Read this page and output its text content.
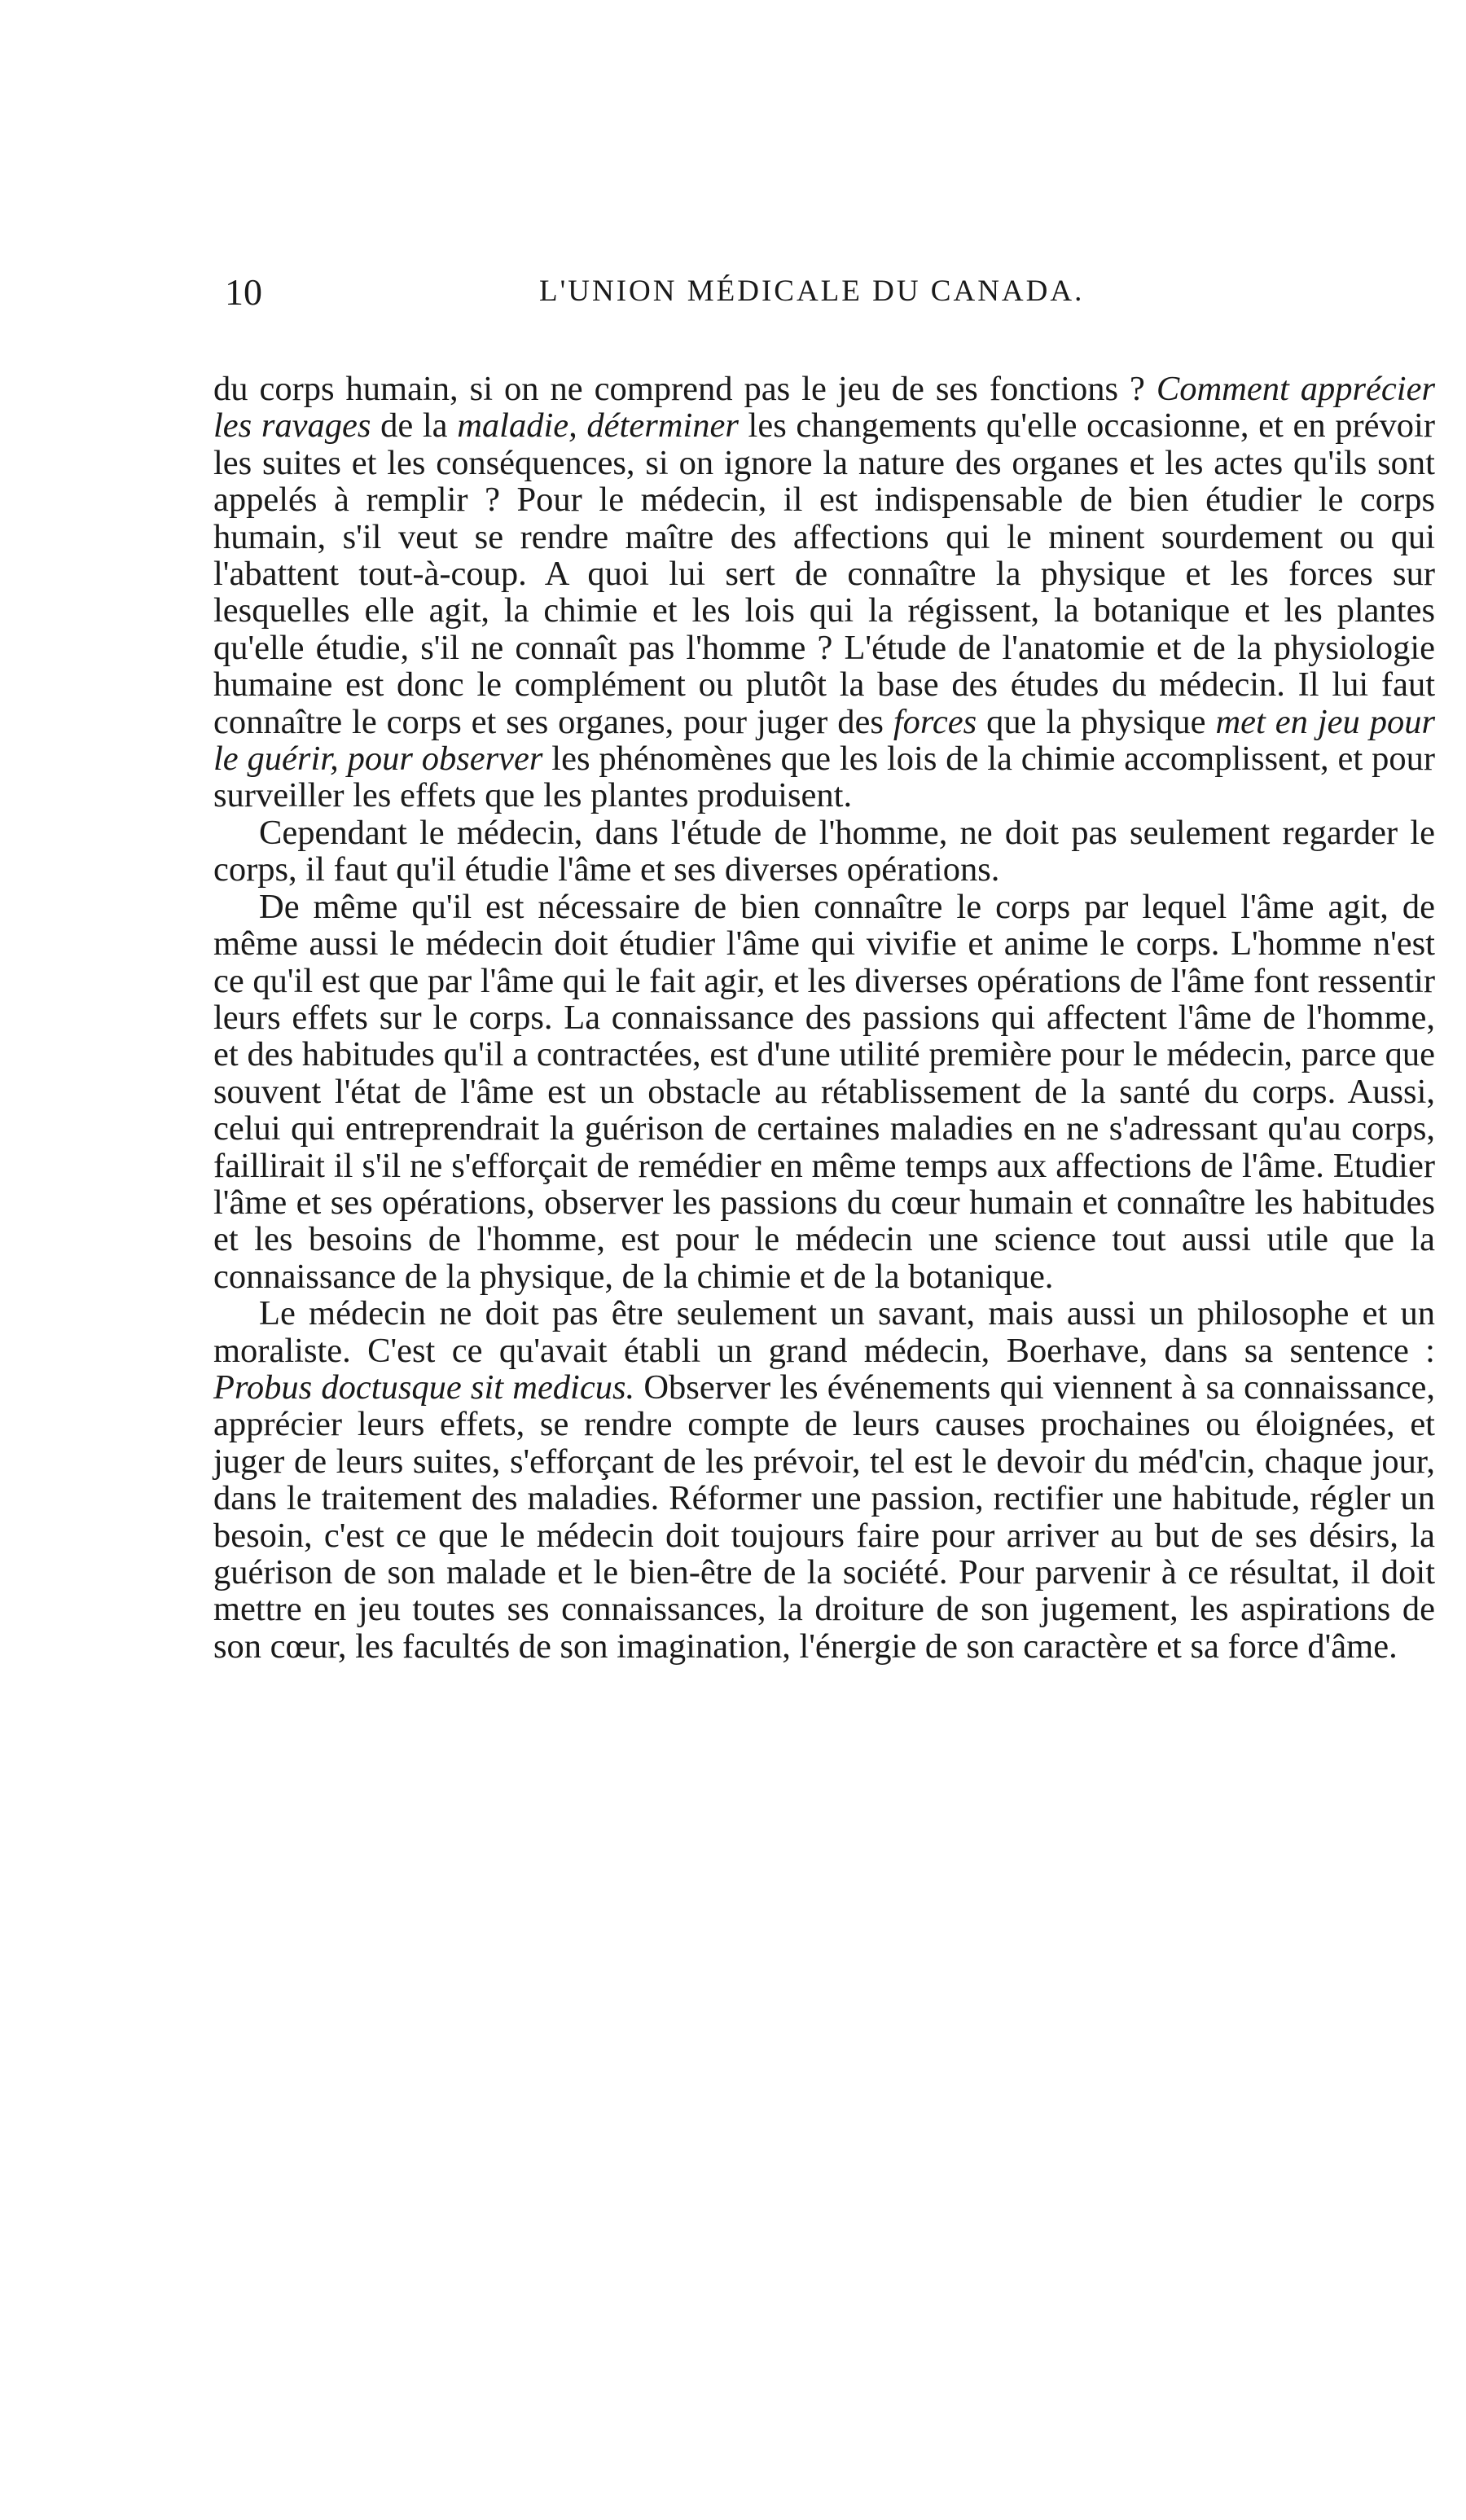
10	L'UNION MÉDICALE DU CANADA.

du corps humain, si on ne comprend pas le jeu de ses fonctions ? Comment apprécier les ravages de la maladie, déterminer les changements qu'elle occasionne, et en prévoir les suites et les conséquences, si on ignore la nature des organes et les actes qu'ils sont appelés à remplir ? Pour le médecin, il est indispensable de bien étudier le corps humain, s'il veut se rendre maître des affections qui le minent sourdement ou qui l'abattent tout-à-coup. A quoi lui sert de connaître la physique et les forces sur lesquelles elle agit, la chimie et les lois qui la régissent, la botanique et les plantes qu'elle étudie, s'il ne connaît pas l'homme ? L'étude de l'anatomie et de la physiologie humaine est donc le complément ou plutôt la base des études du médecin. Il lui faut connaître le corps et ses organes, pour juger des forces que la physique met en jeu pour le guérir, pour observer les phénomènes que les lois de la chimie accomplissent, et pour surveiller les effets que les plantes produisent.

Cependant le médecin, dans l'étude de l'homme, ne doit pas seulement regarder le corps, il faut qu'il étudie l'âme et ses diverses opérations.

De même qu'il est nécessaire de bien connaître le corps par lequel l'âme agit, de même aussi le médecin doit étudier l'âme qui vivifie et anime le corps. L'homme n'est ce qu'il est que par l'âme qui le fait agir, et les diverses opérations de l'âme font ressentir leurs effets sur le corps. La connaissance des passions qui affectent l'âme de l'homme, et des habitudes qu'il a contractées, est d'une utilité première pour le médecin, parce que souvent l'état de l'âme est un obstacle au rétablissement de la santé du corps. Aussi, celui qui entreprendrait la guérison de certaines maladies en ne s'adressant qu'au corps, faillirait il s'il ne s'efforçait de remédier en même temps aux affections de l'âme. Etudier l'âme et ses opérations, observer les passions du cœur humain et connaître les habitudes et les besoins de l'homme, est pour le médecin une science tout aussi utile que la connaissance de la physique, de la chimie et de la botanique.

Le médecin ne doit pas être seulement un savant, mais aussi un philosophe et un moraliste. C'est ce qu'avait établi un grand médecin, Boerhave, dans sa sentence : Probus doctusque sit medicus. Observer les événements qui viennent à sa connaissance, apprécier leurs effets, se rendre compte de leurs causes prochaines ou éloignées, et juger de leurs suites, s'efforçant de les prévoir, tel est le devoir du méd'cin, chaque jour, dans le traitement des maladies. Réformer une passion, rectifier une habitude, régler un besoin, c'est ce que le médecin doit toujours faire pour arriver au but de ses désirs, la guérison de son malade et le bien-être de la société. Pour parvenir à ce résultat, il doit mettre en jeu toutes ses connaissances, la droiture de son jugement, les aspirations de son cœur, les facultés de son imagination, l'énergie de son caractère et sa force d'âme.
